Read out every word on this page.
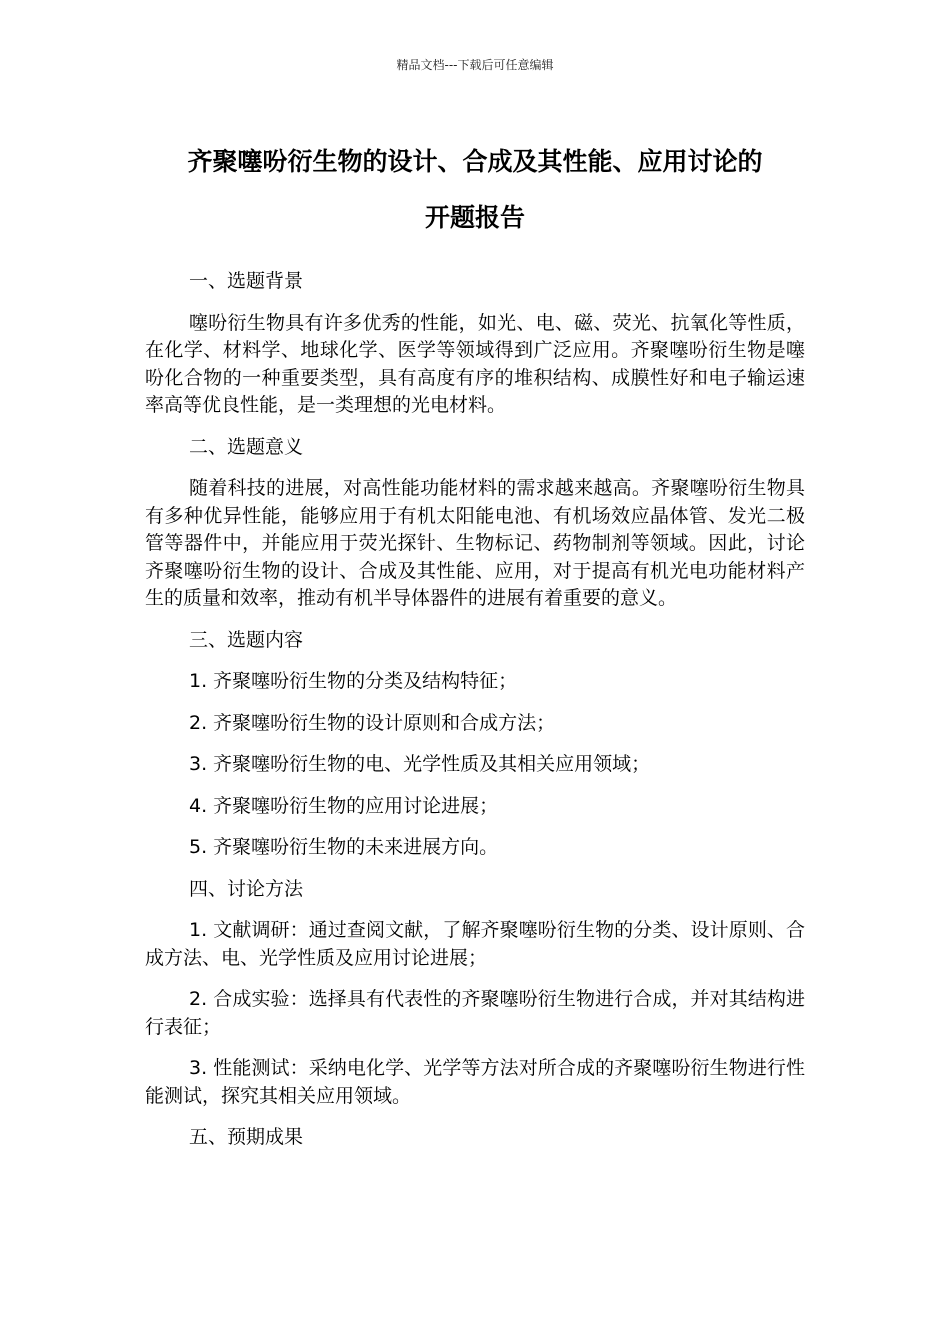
精品文档---下载后可任意编辑
齐聚噻吩衍生物的设计、合成及其性能、应用讨论的
开题报告

一、选题背景

噻吩衍生物具有许多优秀的性能，如光、电、磁、荧光、抗氧化等性质，在化学、材料学、地球化学、医学等领域得到广泛应用。齐聚噻吩衍生物是噻吩化合物的一种重要类型，具有高度有序的堆积结构、成膜性好和电子输运速率高等优良性能，是一类理想的光电材料。

二、选题意义

随着科技的进展，对高性能功能材料的需求越来越高。齐聚噻吩衍生物具有多种优异性能，能够应用于有机太阳能电池、有机场效应晶体管、发光二极管等器件中，并能应用于荧光探针、生物标记、药物制剂等领域。因此，讨论齐聚噻吩衍生物的设计、合成及其性能、应用，对于提高有机光电功能材料产生的质量和效率，推动有机半导体器件的进展有着重要的意义。

三、选题内容

1. 齐聚噻吩衍生物的分类及结构特征；

2. 齐聚噻吩衍生物的设计原则和合成方法；

3. 齐聚噻吩衍生物的电、光学性质及其相关应用领域；

4. 齐聚噻吩衍生物的应用讨论进展；

5. 齐聚噻吩衍生物的未来进展方向。

四、讨论方法

1. 文献调研：通过查阅文献，了解齐聚噻吩衍生物的分类、设计原则、合成方法、电、光学性质及应用讨论进展；

2. 合成实验：选择具有代表性的齐聚噻吩衍生物进行合成，并对其结构进行表征；

3. 性能测试：采纳电化学、光学等方法对所合成的齐聚噻吩衍生物进行性能测试，探究其相关应用领域。

五、预期成果
